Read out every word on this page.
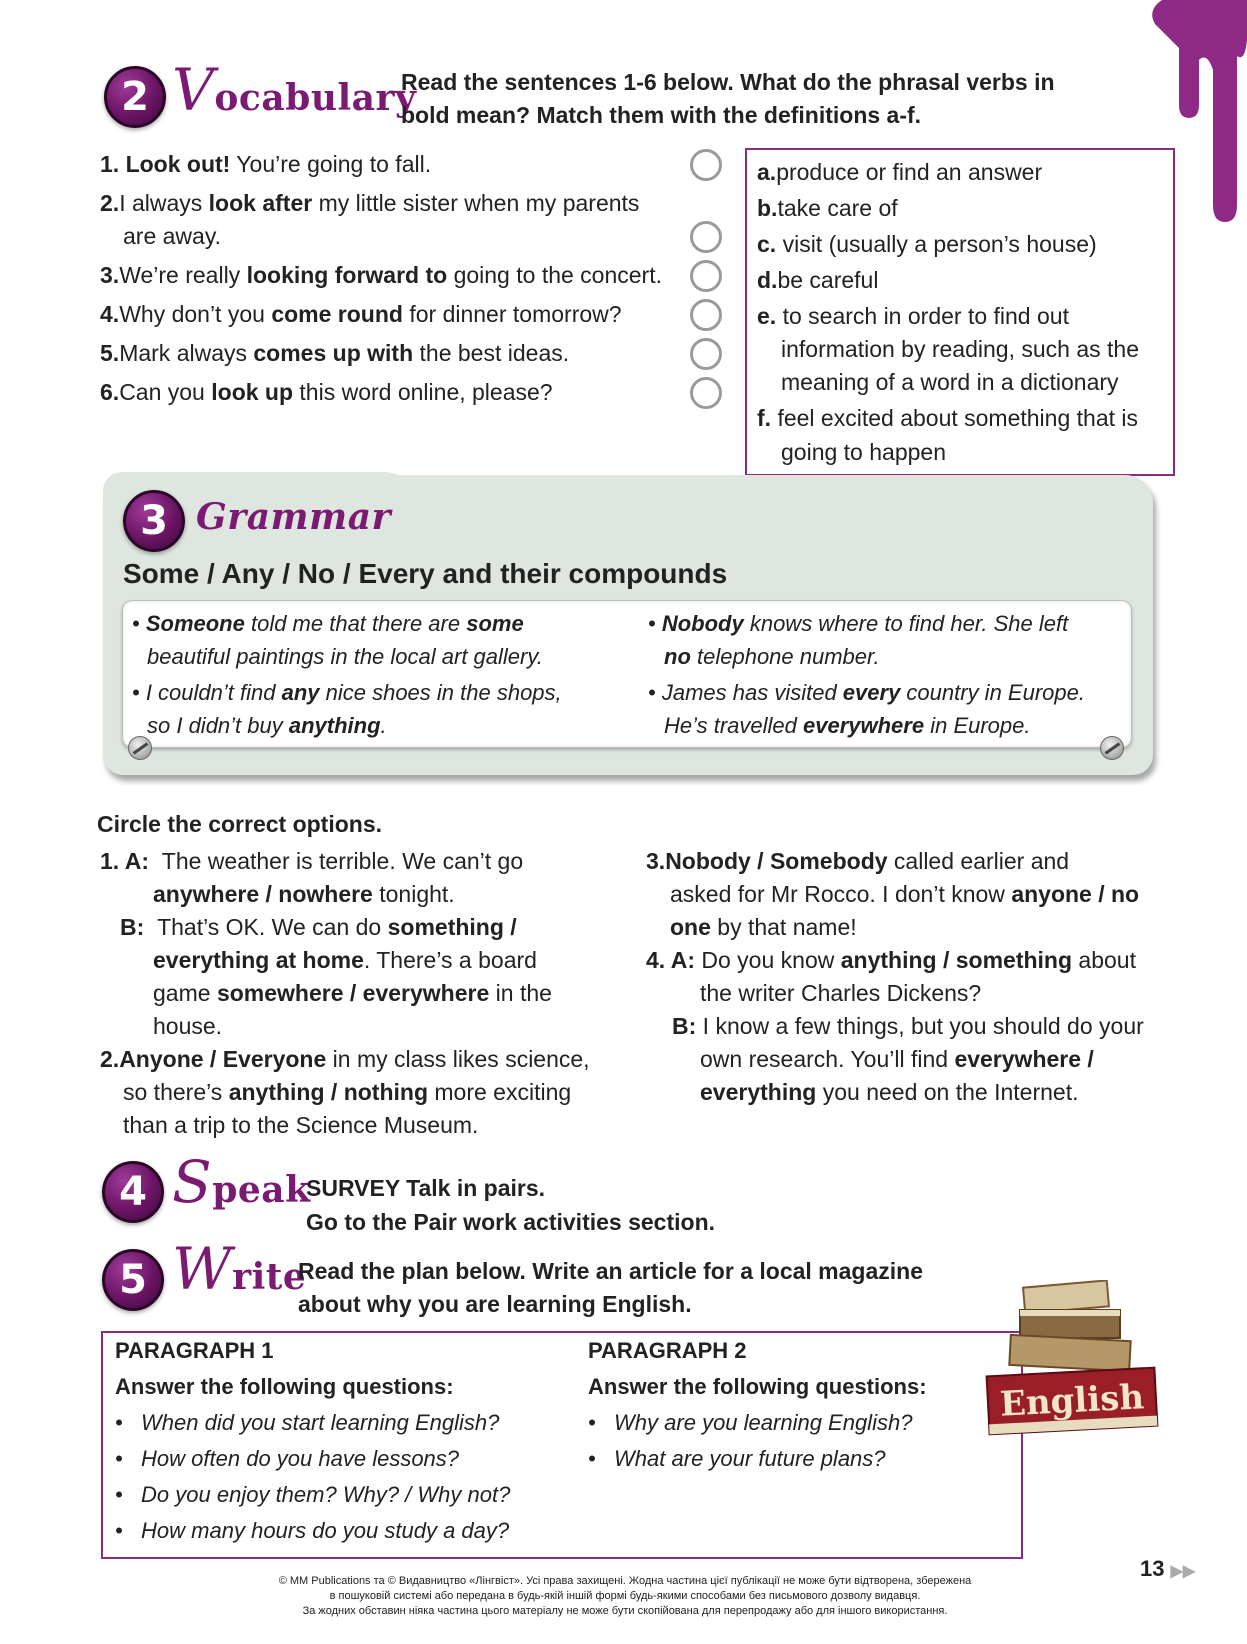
2 Vocabulary
Read the sentences 1-6 below. What do the phrasal verbs in
bold mean? Match them with the definitions a-f.
1. Look out! You’re going to fall.
2.I always look after my little sister when my parents
are away.
3.We’re really looking forward to going to the concert.
4.Why don’t you come round for dinner tomorrow?
5.Mark always comes up with the best ideas.
6.Can you look up this word online, please?
a.produce or find an answer
b.take care of
c. visit (usually a person’s house)
d.be careful
e. to search in order to find out
information by reading, such as the
meaning of a word in a dictionary
f. feel excited about something that is
going to happen
3 Grammar
Some / Any / No / Every and their compounds
• Someone told me that there are some
beautiful paintings in the local art gallery.
• I couldn’t find any nice shoes in the shops,
so I didn’t buy anything.
• Nobody knows where to find her. She left
no telephone number.
• James has visited every country in Europe.
He’s travelled everywhere in Europe.
Circle the correct options.
1. A: The weather is terrible. We can’t go
anywhere / nowhere tonight.
B: That’s OK. We can do something /
everything at home. There’s a board
game somewhere / everywhere in the
house.
2.Anyone / Everyone in my class likes science,
so there’s anything / nothing more exciting
than a trip to the Science Museum.
3.Nobody / Somebody called earlier and
asked for Mr Rocco. I don’t know anyone / no
one by that name!
4. A: Do you know anything / something about
the writer Charles Dickens?
B: I know a few things, but you should do your
own research. You’ll find everywhere /
everything you need on the Internet.
4 Speak
SURVEY Talk in pairs.
Go to the Pair work activities section.
5 Write
Read the plan below. Write an article for a local magazine
about why you are learning English.
PARAGRAPH 1
Answer the following questions:
•   When did you start learning English?
•   How often do you have lessons?
•   Do you enjoy them? Why? / Why not?
•   How many hours do you study a day?
PARAGRAPH 2
Answer the following questions:
•   Why are you learning English?
•   What are your future plans?
English
13 ▶▶
© MM Publications та © Видавництво «Лінгвіст». Усі права захищені. Жодна частина цієї публікації не може бути відтворена, збережена
в пошуковій системі або передана в будь-якій іншій формі будь-якими способами без письмового дозволу видавця.
За жодних обставин ніяка частина цього матеріалу не може бути скопійована для перепродажу або для іншого використання.
